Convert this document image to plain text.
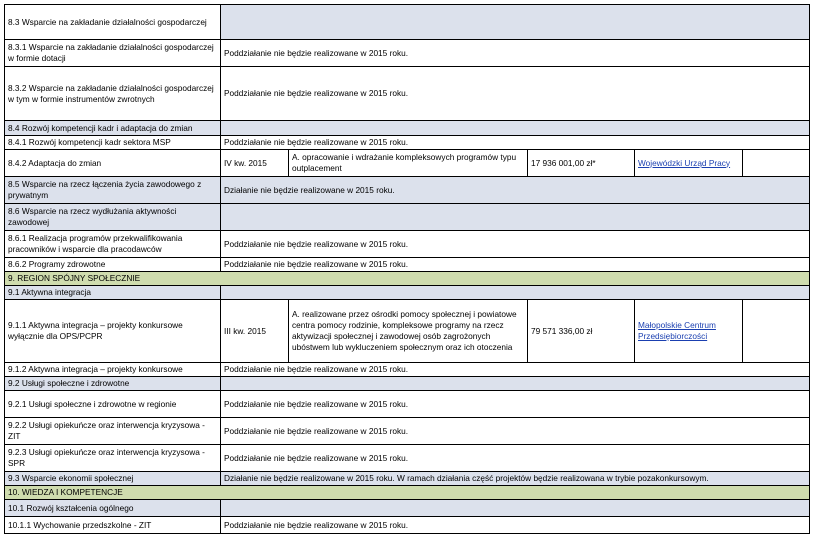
8.3 Wsparcie na zakładanie działalności gospodarczej					
8.3.1 Wsparcie na zakładanie działalności gospodarczej w formie dotacji	Poddziałanie nie będzie realizowane w 2015 roku.				
8.3.2 Wsparcie na zakładanie działalności gospodarczej w tym w formie instrumentów zwrotnych	Poddziałanie nie będzie realizowane w 2015 roku.				
8.4 Rozwój kompetencji kadr i adaptacja do zmian					
8.4.1 Rozwój kompetencji kadr sektora MSP	Poddziałanie nie będzie realizowane w 2015 roku.				
8.4.2 Adaptacja do zmian	IV kw. 2015	A. opracowanie i wdrażanie kompleksowych programów typu outplacement	17 936 001,00 zł*	Wojewódzki Urząd Pracy	
8.5 Wsparcie na rzecz łączenia życia zawodowego z prywatnym	Działanie nie będzie realizowane w 2015 roku.				
8.6 Wsparcie na rzecz wydłużania aktywności zawodowej					
8.6.1 Realizacja programów przekwalifikowania pracowników i wsparcie dla pracodawców	Poddziałanie nie będzie realizowane w 2015 roku.				
8.6.2 Programy zdrowotne	Poddziałanie nie będzie realizowane w 2015 roku.				
9. REGION SPÓJNY SPOŁECZNIE					
9.1 Aktywna integracja					
9.1.1 Aktywna integracja – projekty konkursowe wyłącznie dla OPS/PCPR	III kw. 2015	A. realizowane przez ośrodki pomocy społecznej i powiatowe centra pomocy rodzinie, kompleksowe programy na rzecz aktywizacji społecznej i zawodowej osób zagrożonych ubóstwem lub wykluczeniem społecznym oraz ich otoczenia	79 571 336,00 zł	Małopolskie Centrum Przedsiębiorczości	
9.1.2 Aktywna integracja – projekty konkursowe	Poddziałanie nie będzie realizowane w 2015 roku.				
9.2 Usługi społeczne i zdrowotne					
9.2.1 Usługi społeczne i zdrowotne w regionie	Poddziałanie nie będzie realizowane w 2015 roku.				
9.2.2 Usługi opiekuńcze oraz interwencja kryzysowa - ZIT	Poddziałanie nie będzie realizowane w 2015 roku.				
9.2.3 Usługi opiekuńcze oraz interwencja kryzysowa - SPR	Poddziałanie nie będzie realizowane w 2015 roku.				
9.3 Wsparcie ekonomii społecznej	Działanie nie będzie realizowane w 2015 roku. W ramach działania część projektów będzie realizowana w trybie pozakonkursowym.				
10. WIEDZA I KOMPETENCJE					
10.1 Rozwój kształcenia ogólnego					
10.1.1 Wychowanie przedszkolne - ZIT	Poddziałanie nie będzie realizowane w 2015 roku.				
